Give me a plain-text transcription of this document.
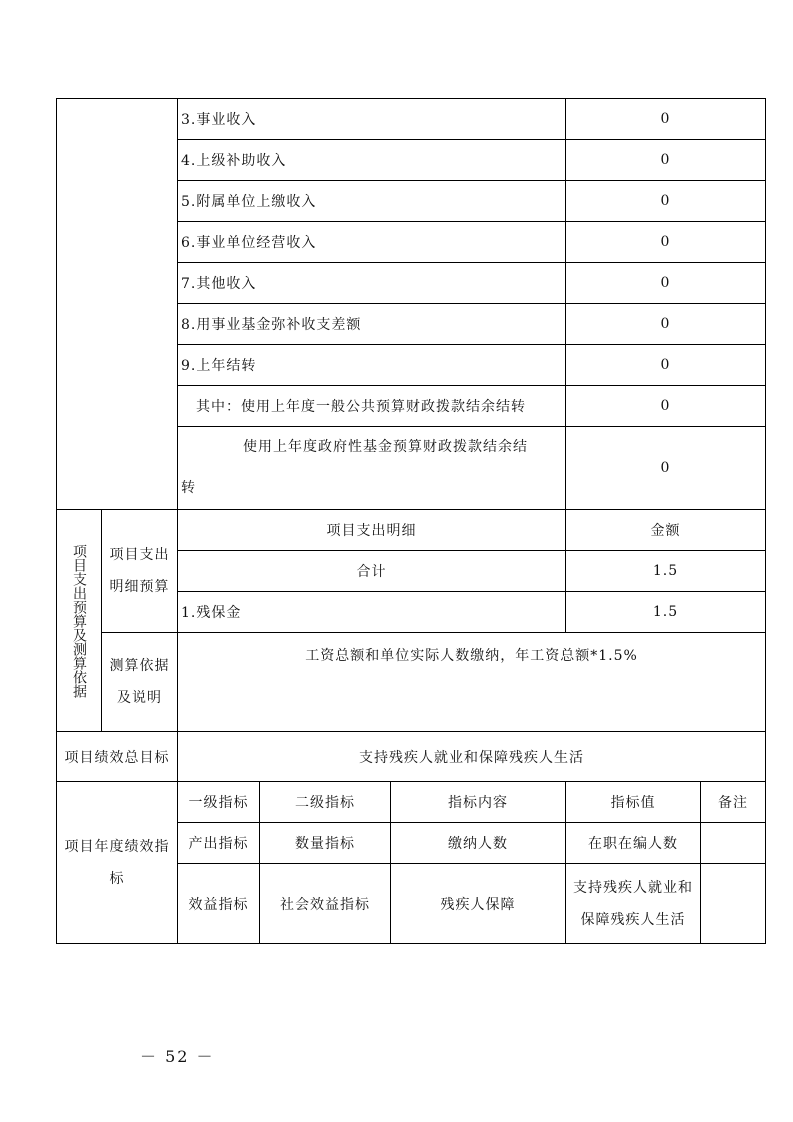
		3.事业收入			0	
		4.上级补助收入			0	
		5.附属单位上缴收入			0	
		6.事业单位经营收入			0	
		7.其他收入			0	
		8.用事业基金弥补收支差额			0	
		9.上年结转			0	
		其中：使用上年度一般公共预算财政拨款结余结转			0	

		使用上年度政府性基金预算财政拨款结余结
转			0	

项目支出预算及测算依据	项目支出明细预算	项目支出明细			金额	
		合计			1.5	
		1.残保金			1.5	
	测算依据及说明	工资总额和单位实际人数缴纳，年工资总额*1.5%				

项目绩效总目标		支持残疾人就业和保障残疾人生活				
项目年度绩效指标		一级指标	二级指标	指标内容	指标值	备注
		产出指标	数量指标	缴纳人数	在职在编人数	
		效益指标	社会效益指标	残疾人保障	支持残疾人就业和保障残疾人生活	
－ 52 －
